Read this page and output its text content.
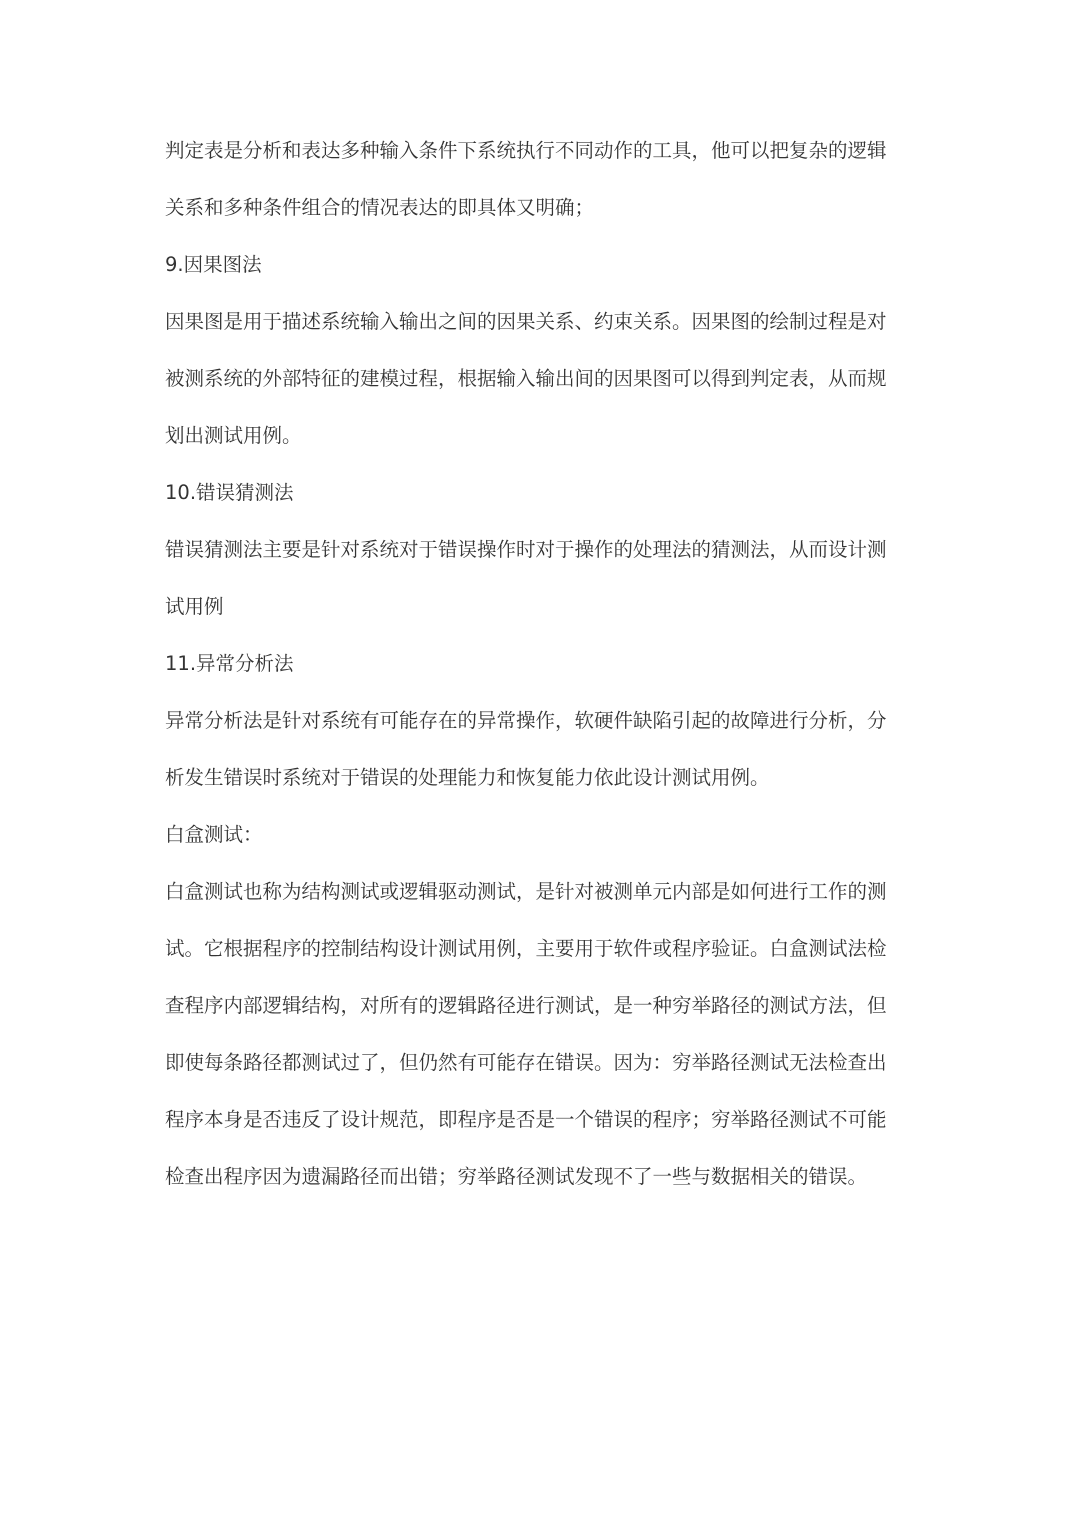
判定表是分析和表达多种输入条件下系统执行不同动作的工具，他可以把复杂的逻辑关系和多种条件组合的情况表达的即具体又明确；

9.因果图法

因果图是用于描述系统输入输出之间的因果关系、约束关系。因果图的绘制过程是对被测系统的外部特征的建模过程，根据输入输出间的因果图可以得到判定表，从而规划出测试用例。

10.错误猜测法

错误猜测法主要是针对系统对于错误操作时对于操作的处理法的猜测法，从而设计测试用例

11.异常分析法

异常分析法是针对系统有可能存在的异常操作，软硬件缺陷引起的故障进行分析，分析发生错误时系统对于错误的处理能力和恢复能力依此设计测试用例。

白盒测试：

白盒测试也称为结构测试或逻辑驱动测试，是针对被测单元内部是如何进行工作的测试。它根据程序的控制结构设计测试用例，主要用于软件或程序验证。白盒测试法检查程序内部逻辑结构，对所有的逻辑路径进行测试，是一种穷举路径的测试方法，但即使每条路径都测试过了，但仍然有可能存在错误。因为：穷举路径测试无法检查出程序本身是否违反了设计规范，即程序是否是一个错误的程序；穷举路径测试不可能检查出程序因为遗漏路径而出错；穷举路径测试发现不了一些与数据相关的错误。
